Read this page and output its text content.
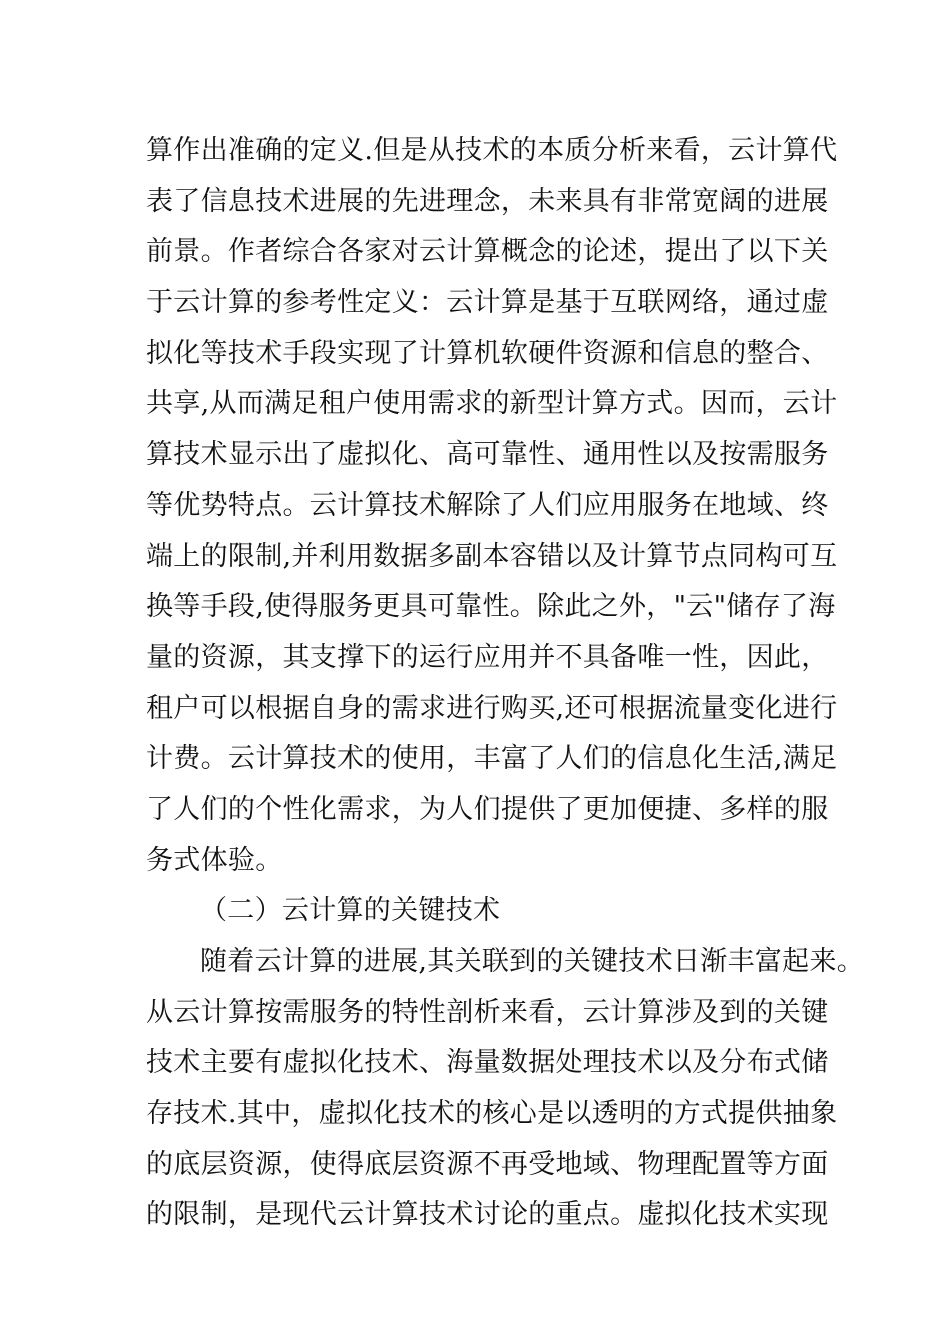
算作出准确的定义.但是从技术的本质分析来看，云计算代
表了信息技术进展的先进理念，未来具有非常宽阔的进展
前景。作者综合各家对云计算概念的论述，提出了以下关
于云计算的参考性定义：云计算是基于互联网络，通过虚
拟化等技术手段实现了计算机软硬件资源和信息的整合、
共享,从而满足租户使用需求的新型计算方式。因而，云计
算技术显示出了虚拟化、高可靠性、通用性以及按需服务
等优势特点。云计算技术解除了人们应用服务在地域、终
端上的限制,并利用数据多副本容错以及计算节点同构可互
换等手段,使得服务更具可靠性。除此之外，"云"储存了海
量的资源，其支撑下的运行应用并不具备唯一性，因此，
租户可以根据自身的需求进行购买,还可根据流量变化进行
计费。云计算技术的使用，丰富了人们的信息化生活,满足
了人们的个性化需求，为人们提供了更加便捷、多样的服
务式体验。
（二）云计算的关键技术
随着云计算的进展,其关联到的关键技术日渐丰富起来。
从云计算按需服务的特性剖析来看，云计算涉及到的关键
技术主要有虚拟化技术、海量数据处理技术以及分布式储
存技术.其中，虚拟化技术的核心是以透明的方式提供抽象
的底层资源，使得底层资源不再受地域、物理配置等方面
的限制，是现代云计算技术讨论的重点。虚拟化技术实现
